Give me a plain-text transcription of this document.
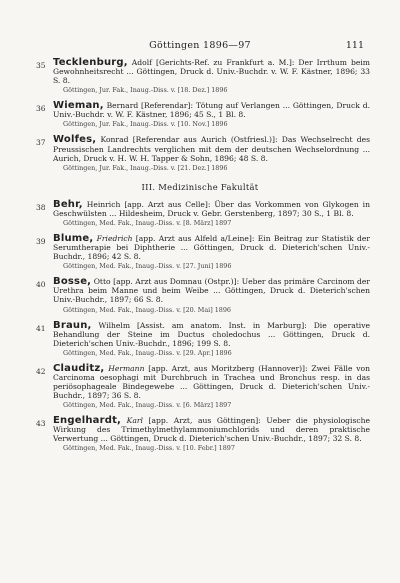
Göttingen 1896—97	111
35 Tecklenburg, Adolf [Gerichts-Ref. zu Frankfurt a. M.]: Der Irrthum beim Gewohnheitsrecht ... Göttingen, Druck d. Univ.-Buchdr. v. W. F. Kästner, 1896; 33 S. 8.

Göttingen, Jur. Fak., Inaug.-Diss. v. [18. Dez.] 1896

36 Wieman, Bernard [Referendar]: Tötung auf Verlangen ... Göttingen, Druck d. Univ.-Buchdr. v. W. F. Kästner, 1896; 45 S., 1 Bl. 8.

Göttingen, Jur. Fak., Inaug.-Diss. v. [10. Nov.] 1896

37 Wolfes, Konrad [Referendar aus Aurich (Ostfriesl.)]: Das Wechselrecht des Preussischen Landrechts verglichen mit dem der deutschen Wechselordnung ... Aurich, Druck v. H. W. H. Tapper & Sohn, 1896; 48 S. 8.

Göttingen, Jur. Fak., Inaug.-Diss. v. [21. Dez.] 1896

III. Medizinische Fakultät
38 Behr, Heinrich [app. Arzt aus Celle]: Über das Vorkommen von Glykogen in Geschwülsten ... Hildesheim, Druck v. Gebr. Gerstenberg, 1897; 30 S., 1 Bl. 8.

Göttingen, Med. Fak., Inaug.-Diss. v. [8. März] 1897

39 Blume, Friedrich [app. Arzt aus Alfeld a/Leine]: Ein Beitrag zur Statistik der Serumtherapie bei Diphtherie ... Göttingen, Druck d. Dieterich'schen Univ.-Buchdr., 1896; 42 S. 8.

Göttingen, Med. Fak., Inaug.-Diss. v. [27. Juni] 1896

40 Bosse, Otto [app. Arzt aus Domnau (Ostpr.)]: Ueber das primäre Carcinom der Urethra beim Manne und beim Weibe ... Göttingen, Druck d. Dieterich'schen Univ.-Buchdr., 1897; 66 S. 8.

Göttingen, Med. Fak., Inaug.-Diss. v. [20. Mai] 1896

41 Braun, Wilhelm [Assist. am anatom. Inst. in Marburg]: Die operative Behandlung der Steine im Ductus choledochus ... Göttingen, Druck d. Dieterich'schen Univ.-Buchdr., 1896; 199 S. 8.

Göttingen, Med. Fak., Inaug.-Diss. v. [29. Apr.] 1896

42 Clauditz, Hermann [app. Arzt, aus Moritzberg (Hannover)]: Zwei Fälle von Carcinoma oesophagi mit Durchbruch in Trachea und Bronchus resp. in das periösophageale Bindegewebe ... Göttingen, Druck d. Dieterich'schen Univ.-Buchdr., 1897; 36 S. 8.

Göttingen, Med. Fak., Inaug.-Diss. v. [6. März] 1897

43 Engelhardt, Karl [app. Arzt, aus Göttingen]: Ueber die physiologische Wirkung des Trimethylmethylammoniumchlorids und deren praktische Verwertung ... Göttingen, Druck d. Dieterich'schen Univ.-Buchdr., 1897; 32 S. 8.

Göttingen, Med. Fak., Inaug.-Diss. v. [10. Febr.] 1897
